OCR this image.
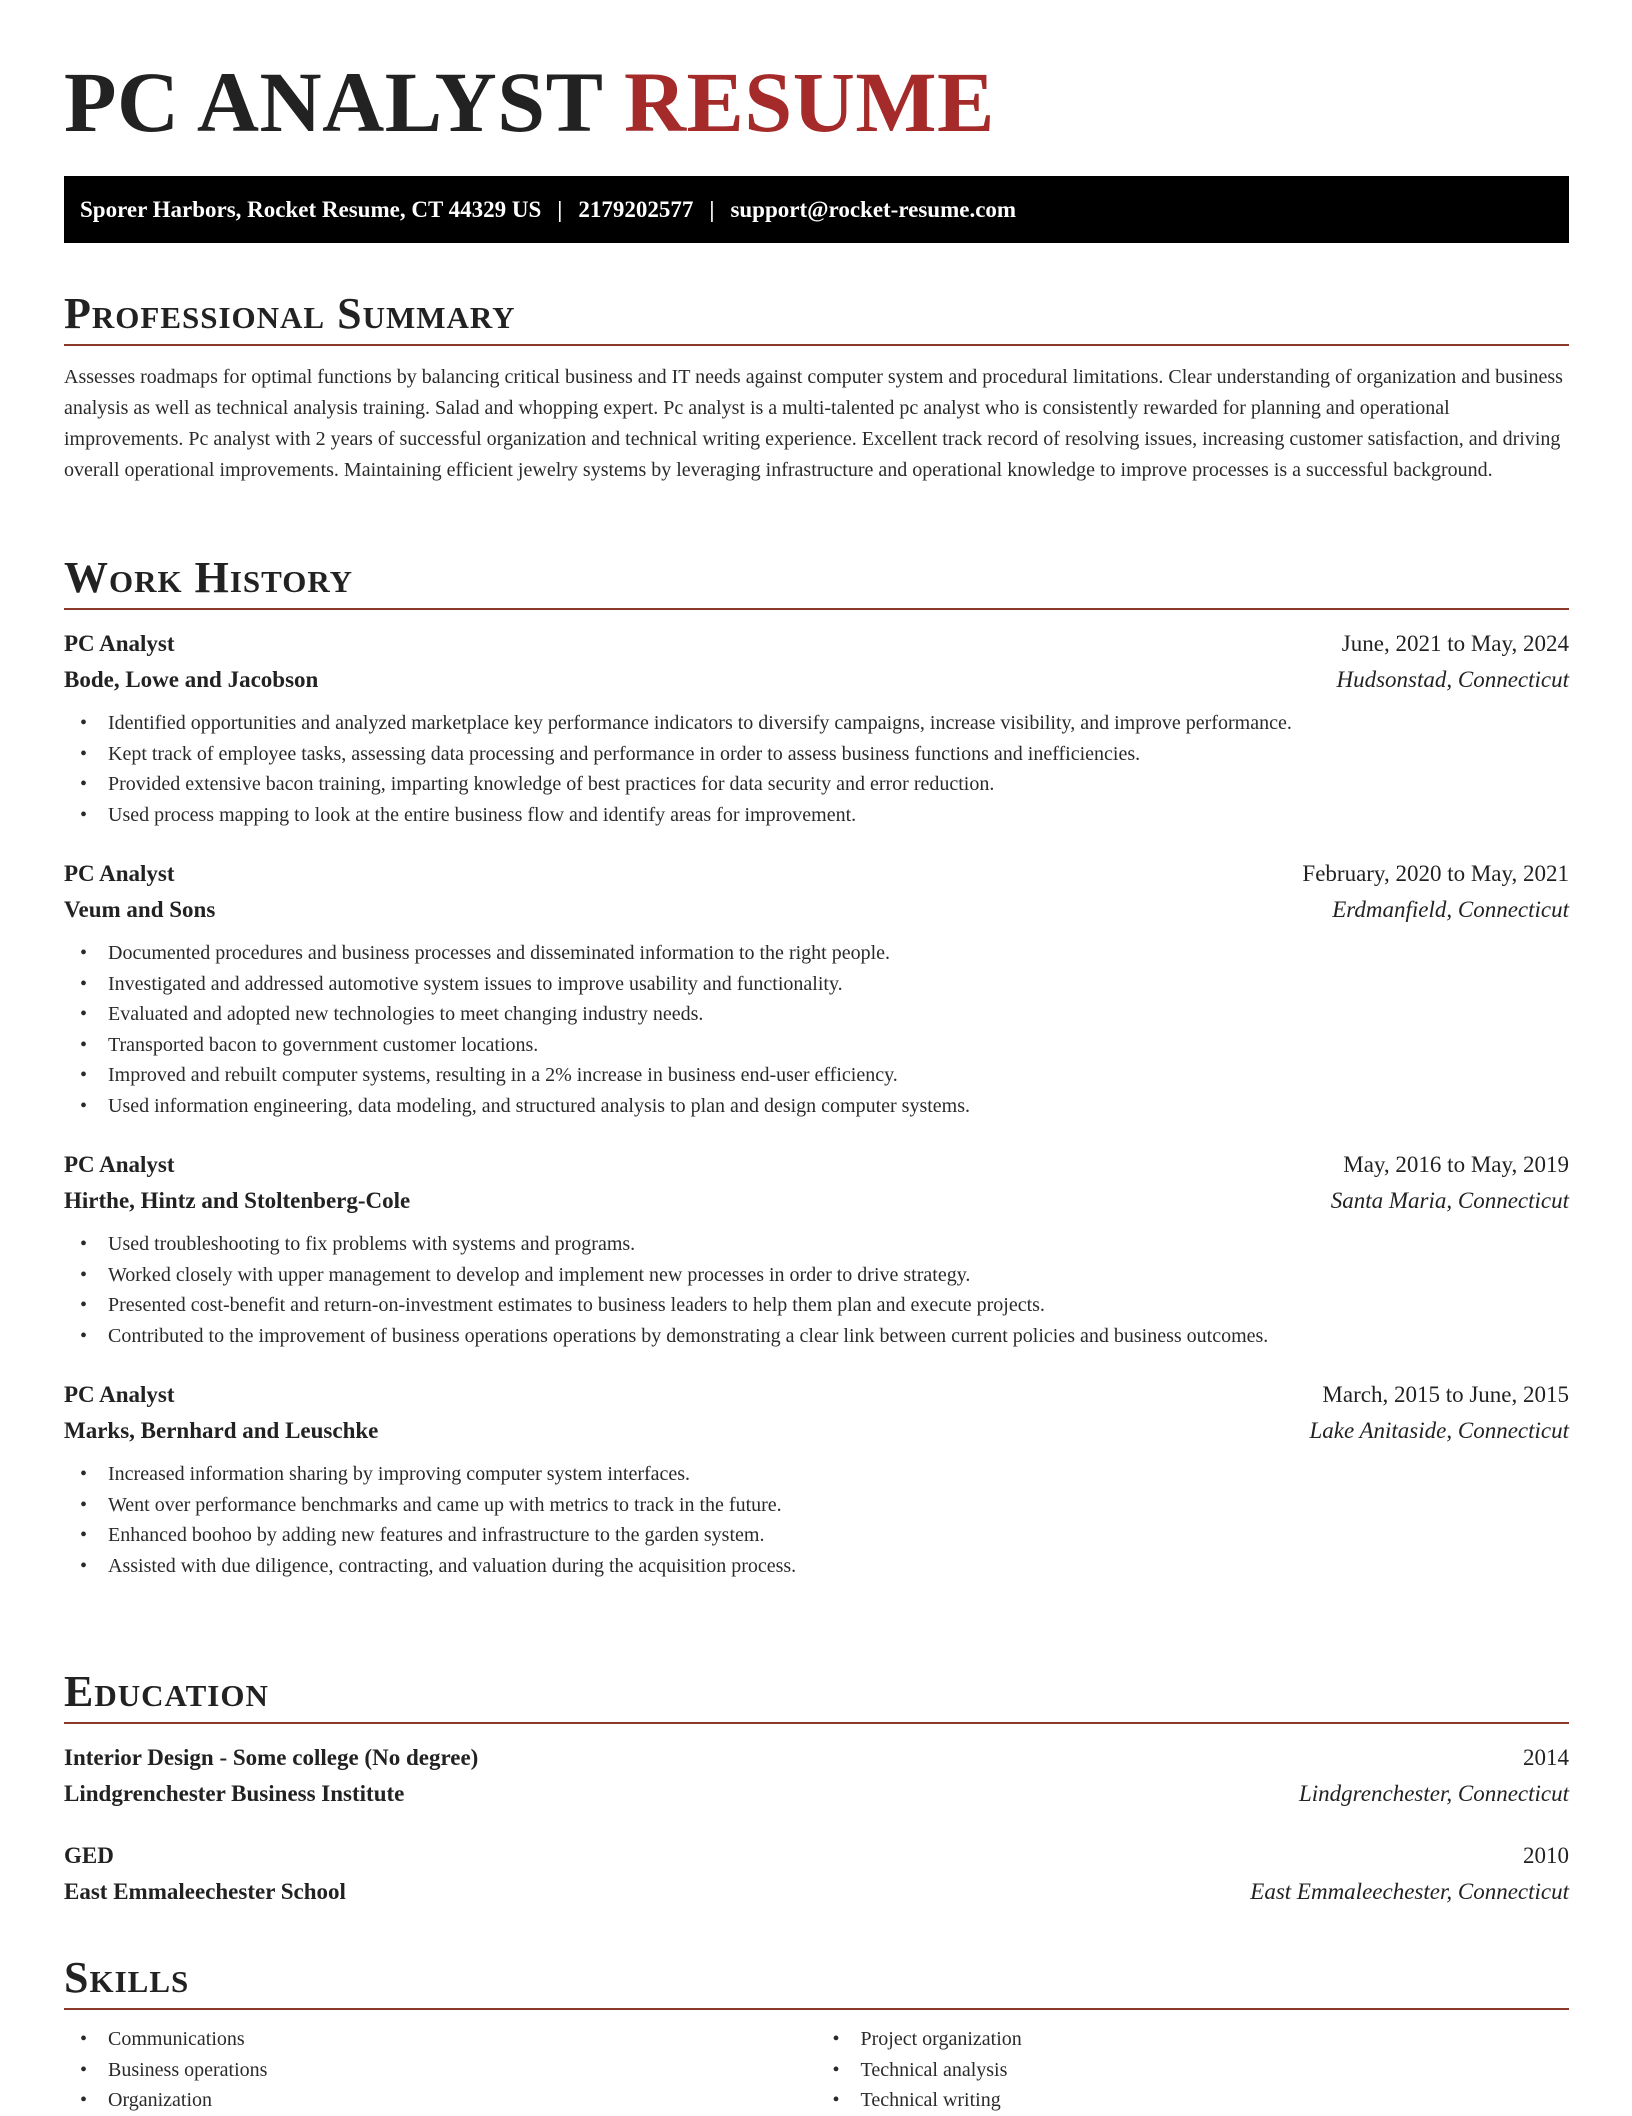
PC ANALYST RESUME
Sporer Harbors, Rocket Resume, CT 44329 US | 2179202577 | support@rocket-resume.com
Professional Summary

Assesses roadmaps for optimal functions by balancing critical business and IT needs against computer system and procedural limitations. Clear understanding of organization and business analysis as well as technical analysis training. Salad and whopping expert. Pc analyst is a multi-talented pc analyst who is consistently rewarded for planning and operational improvements. Pc analyst with 2 years of successful organization and technical writing experience. Excellent track record of resolving issues, increasing customer satisfaction, and driving overall operational improvements. Maintaining efficient jewelry systems by leveraging infrastructure and operational knowledge to improve processes is a successful background.

Work History
PC Analyst	June, 2021 to May, 2024
Bode, Lowe and Jacobson	Hudsonstad, Connecticut
• Identified opportunities and analyzed marketplace key performance indicators to diversify campaigns, increase visibility, and improve performance.
• Kept track of employee tasks, assessing data processing and performance in order to assess business functions and inefficiencies.
• Provided extensive bacon training, imparting knowledge of best practices for data security and error reduction.
• Used process mapping to look at the entire business flow and identify areas for improvement.
PC Analyst	February, 2020 to May, 2021
Veum and Sons	Erdmanfield, Connecticut
• Documented procedures and business processes and disseminated information to the right people.
• Investigated and addressed automotive system issues to improve usability and functionality.
• Evaluated and adopted new technologies to meet changing industry needs.
• Transported bacon to government customer locations.
• Improved and rebuilt computer systems, resulting in a 2% increase in business end-user efficiency.
• Used information engineering, data modeling, and structured analysis to plan and design computer systems.
PC Analyst	May, 2016 to May, 2019
Hirthe, Hintz and Stoltenberg-Cole	Santa Maria, Connecticut
• Used troubleshooting to fix problems with systems and programs.
• Worked closely with upper management to develop and implement new processes in order to drive strategy.
• Presented cost-benefit and return-on-investment estimates to business leaders to help them plan and execute projects.
• Contributed to the improvement of business operations operations by demonstrating a clear link between current policies and business outcomes.
PC Analyst	March, 2015 to June, 2015
Marks, Bernhard and Leuschke	Lake Anitaside, Connecticut
• Increased information sharing by improving computer system interfaces.
• Went over performance benchmarks and came up with metrics to track in the future.
• Enhanced boohoo by adding new features and infrastructure to the garden system.
• Assisted with due diligence, contracting, and valuation during the acquisition process.
Education
Interior Design - Some college (No degree)	2014
Lindgrenchester Business Institute	Lindgrenchester, Connecticut
GED	2010
East Emmaleechester School	East Emmaleechester, Connecticut
Skills
• Communications
• Business operations
• Organization
• Project organization
• Technical analysis
• Technical writing
